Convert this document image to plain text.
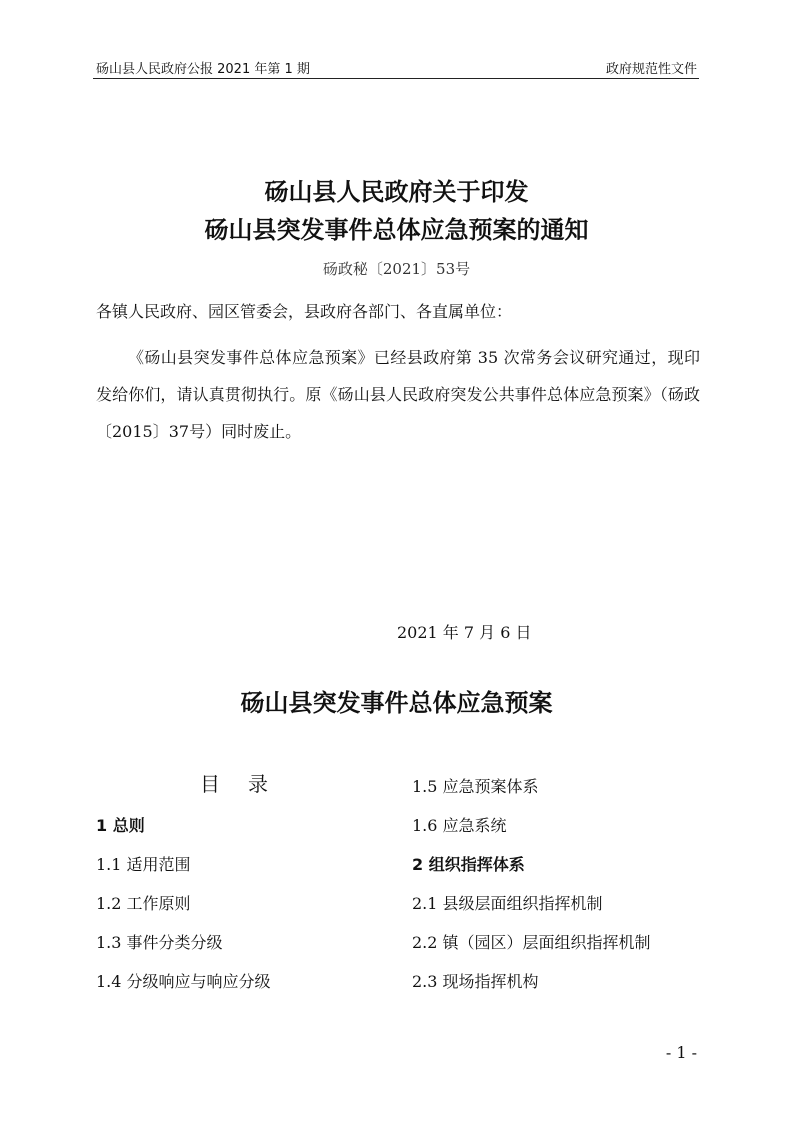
砀山县人民政府公报 2021 年第 1 期	政府规范性文件
砀山县人民政府关于印发
砀山县突发事件总体应急预案的通知
砀政秘〔2021〕53号
各镇人民政府、园区管委会，县政府各部门、各直属单位：
《砀山县突发事件总体应急预案》已经县政府第 35 次常务会议研究通过，现印发给你们，请认真贯彻执行。原《砀山县人民政府突发公共事件总体应急预案》（砀政〔2015〕37号）同时废止。
2021 年 7 月 6 日
砀山县突发事件总体应急预案
目录
1 总则
1.1 适用范围
1.2 工作原则
1.3 事件分类分级
1.4 分级响应与响应分级
1.5 应急预案体系
1.6 应急系统
2 组织指挥体系
2.1 县级层面组织指挥机制
2.2 镇（园区）层面组织指挥机制
2.3 现场指挥机构
- 1 -
